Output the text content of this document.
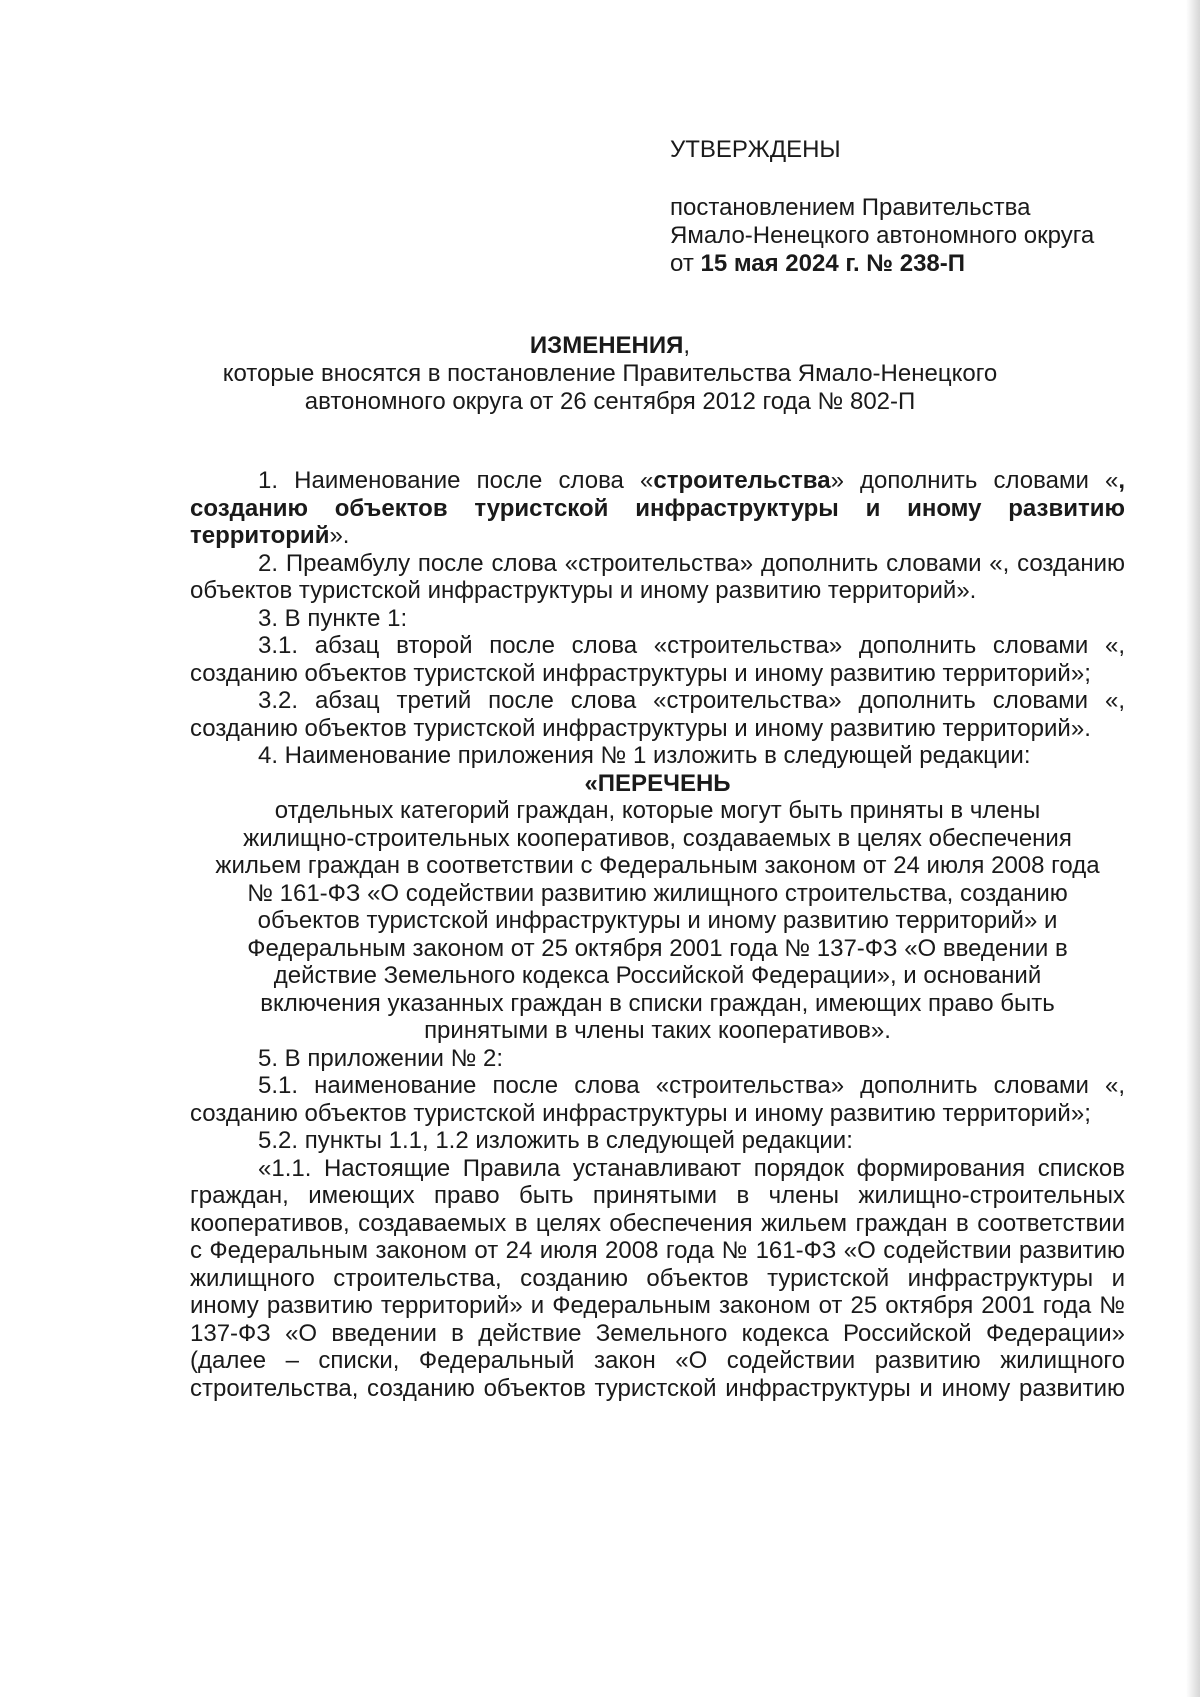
УТВЕРЖДЕНЫ
постановлением Правительства
Ямало-Ненецкого автономного округа
от 15 мая 2024 г. № 238-П
ИЗМЕНЕНИЯ,
которые вносятся в постановление Правительства Ямало-Ненецкого
автономного округа от 26 сентября 2012 года № 802-П

1. Наименование после слова «строительства» дополнить словами «, созданию объектов туристской инфраструктуры и иному развитию территорий».

2. Преамбулу после слова «строительства» дополнить словами «, созданию объектов туристской инфраструктуры и иному развитию территорий».

3. В пункте 1:

3.1. абзац второй после слова «строительства» дополнить словами «, созданию объектов туристской инфраструктуры и иному развитию территорий»;

3.2. абзац третий после слова «строительства» дополнить словами «, созданию объектов туристской инфраструктуры и иному развитию территорий».

4. Наименование приложения № 1 изложить в следующей редакции:

«ПЕРЕЧЕНЬ

отдельных категорий граждан, которые могут быть приняты в члены

жилищно-строительных кооперативов, создаваемых в целях обеспечения

жильем граждан в соответствии с Федеральным законом от 24 июля 2008 года

№ 161-ФЗ «О содействии развитию жилищного строительства, созданию

объектов туристской инфраструктуры и иному развитию территорий» и

Федеральным законом от 25 октября 2001 года № 137-ФЗ «О введении в

действие Земельного кодекса Российской Федерации», и оснований

включения указанных граждан в списки граждан, имеющих право быть

принятыми в члены таких кооперативов».

5. В приложении № 2:

5.1. наименование после слова «строительства» дополнить словами «, созданию объектов туристской инфраструктуры и иному развитию территорий»;

5.2. пункты 1.1, 1.2 изложить в следующей редакции:

«1.1. Настоящие Правила устанавливают порядок формирования списков граждан, имеющих право быть принятыми в члены жилищно-строительных кооперативов, создаваемых в целях обеспечения жильем граждан в соответствии с Федеральным законом от 24 июля 2008 года № 161-ФЗ «О содействии развитию жилищного строительства, созданию объектов туристской инфраструктуры и иному развитию территорий» и Федеральным законом от 25 октября 2001 года № 137-ФЗ «О введении в действие Земельного кодекса Российской Федерации» (далее – списки, Федеральный закон «О содействии развитию жилищного строительства, созданию объектов туристской инфраструктуры и иному развитию
